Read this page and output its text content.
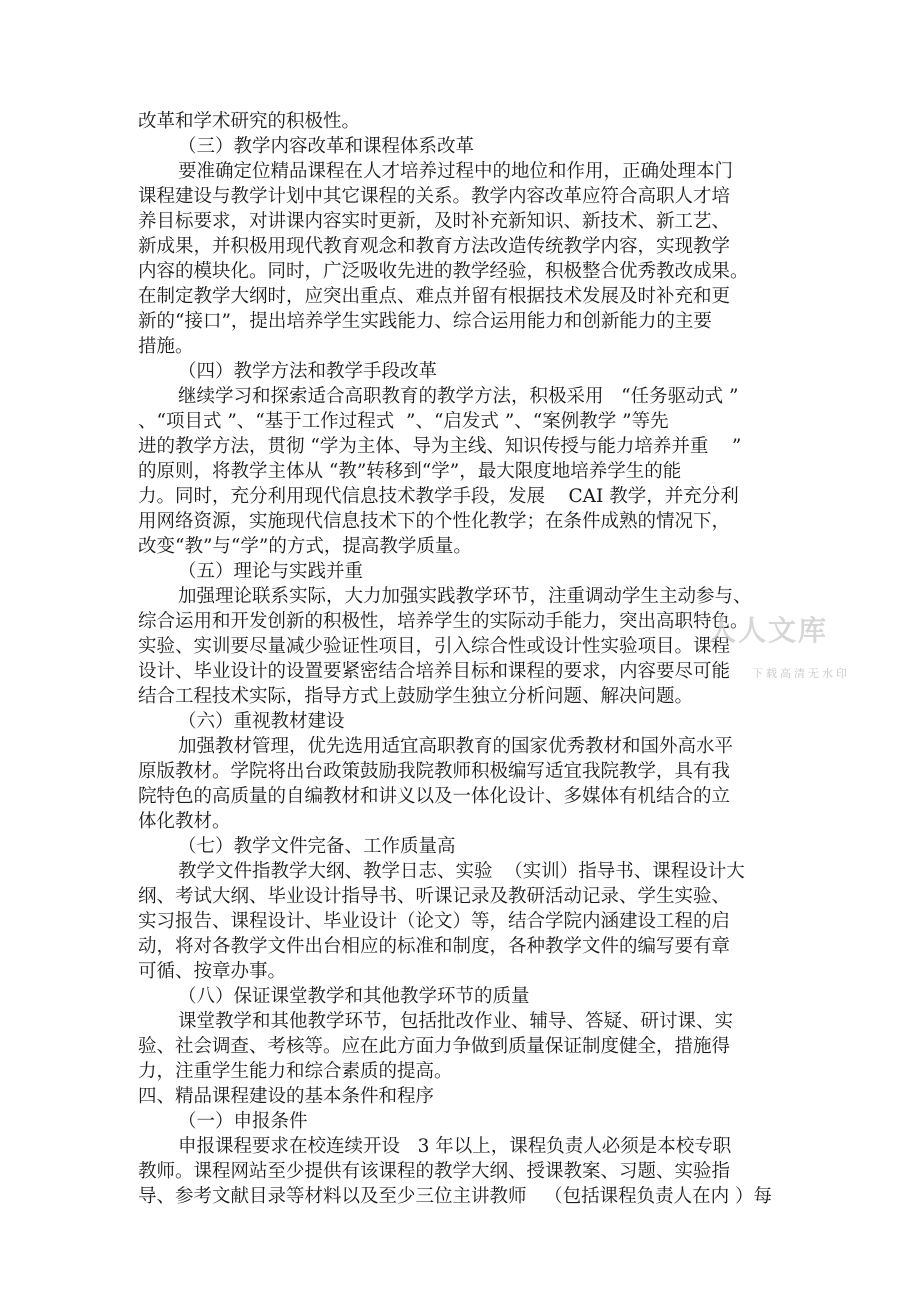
改革和学术研究的积极性。

（三）教学内容改革和课程体系改革

要准确定位精品课程在人才培养过程中的地位和作用，正确处理本门

课程建设与教学计划中其它课程的关系。教学内容改革应符合高职人才培

养目标要求，对讲课内容实时更新，及时补充新知识、新技术、新工艺、

新成果，并积极用现代教育观念和教育方法改造传统教学内容，实现教学

内容的模块化。同时，广泛吸收先进的教学经验，积极整合优秀教改成果。

在制定教学大纲时，应突出重点、难点并留有根据技术发展及时补充和更

新的“接口”，提出培养学生实践能力、综合运用能力和创新能力的主要

措施。

（四）教学方法和教学手段改革

继续学习和探索适合高职教育的教学方法，积极采用   “任务驱动式 ”

、“项目式 ”、“基于工作过程式  ”、“启发式 ”、“案例教学 ”等先

进的教学方法，贯彻 “学为主体、导为主线、知识传授与能力培养并重    ”

的原则，将教学主体从 “教”转移到“学”，最大限度地培养学生的能

力。同时，充分利用现代信息技术教学手段，发展    CAI 教学，并充分利

用网络资源，实施现代信息技术下的个性化教学；在条件成熟的情况下，

改变“教”与“学”的方式，提高教学质量。

（五）理论与实践并重

加强理论联系实际，大力加强实践教学环节，注重调动学生主动参与、

综合运用和开发创新的积极性，培养学生的实际动手能力，突出高职特色。

实验、实训要尽量减少验证性项目，引入综合性或设计性实验项目。课程

设计、毕业设计的设置要紧密结合培养目标和课程的要求，内容要尽可能

结合工程技术实际，指导方式上鼓励学生独立分析问题、解决问题。

（六）重视教材建设

加强教材管理，优先选用适宜高职教育的国家优秀教材和国外高水平

原版教材。学院将出台政策鼓励我院教师积极编写适宜我院教学，具有我

院特色的高质量的自编教材和讲义以及一体化设计、多媒体有机结合的立

体化教材。

（七）教学文件完备、工作质量高

教学文件指教学大纲、教学日志、实验  （实训）指导书、课程设计大

纲、考试大纲、毕业设计指导书、听课记录及教研活动记录、学生实验、

实习报告、课程设计、毕业设计（论文）等，结合学院内涵建设工程的启

动，将对各教学文件出台相应的标准和制度，各种教学文件的编写要有章

可循、按章办事。

（八）保证课堂教学和其他教学环节的质量

课堂教学和其他教学环节，包括批改作业、辅导、答疑、研讨课、实

验、社会调查、考核等。应在此方面力争做到质量保证制度健全，措施得

力，注重学生能力和综合素质的提高。

四、精品课程建设的基本条件和程序

（一）申报条件

申报课程要求在校连续开设   3 年以上，课程负责人必须是本校专职

教师。课程网站至少提供有该课程的教学大纲、授课教案、习题、实验指

导、参考文献目录等材料以及至少三位主讲教师   （包括课程负责人在内 ）每

人人文库
下载高清无水印
